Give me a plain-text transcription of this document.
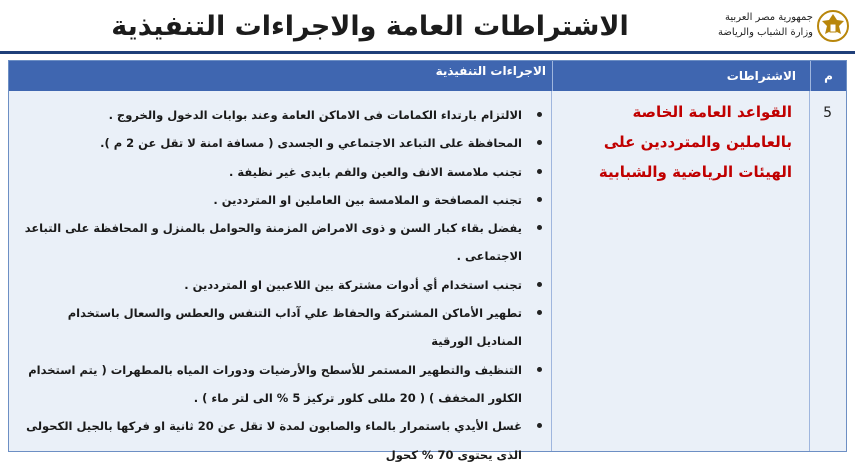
الاشتراطات العامة والاجراءات التنفيذية	جمهورية مصر العربية
وزارة الشباب والرياضة
م
الاشتراطات
الاجراءات التنفيذية
5
القواعد العامة الخاصة بالعاملين والمترددين على الهيئات الرياضية والشبابية
الالتزام بارتداء الكمامات فى الاماكن العامة وعند بوابات الدخول والخروج .
المحافظة على التباعد الاجتماعي و الجسدى ( مسافة امنة لا تقل عن 2 م ).
تجنب ملامسة الانف والعين والفم بايدى غير نظيفة .
تجنب المصافحة و الملامسة بين العاملين او المترددين .
يفضل بقاء كبار السن و ذوى الامراض المزمنة والحوامل بالمنزل و المحافظة على التباعد الاجتماعى .
تجنب استخدام أي أدوات مشتركة بين اللاعبين او المترددين .
تطهير الأماكن المشتركة والحفاظ علي آداب التنفس والعطس والسعال باستخدام المناديل الورقية
التنظيف والتطهير المستمر للأسطح والأرضيات ودورات المياه بالمطهرات ( يتم استخدام الكلور المخفف ) ( 20 مللى كلور تركيز 5 % الى لتر ماء ) .
غسل الأيدي باستمرار بالماء والصابون لمدة لا تقل عن 20 ثانية او فركها بالجيل الكحولى الذى يحتوى 70 % كحول
